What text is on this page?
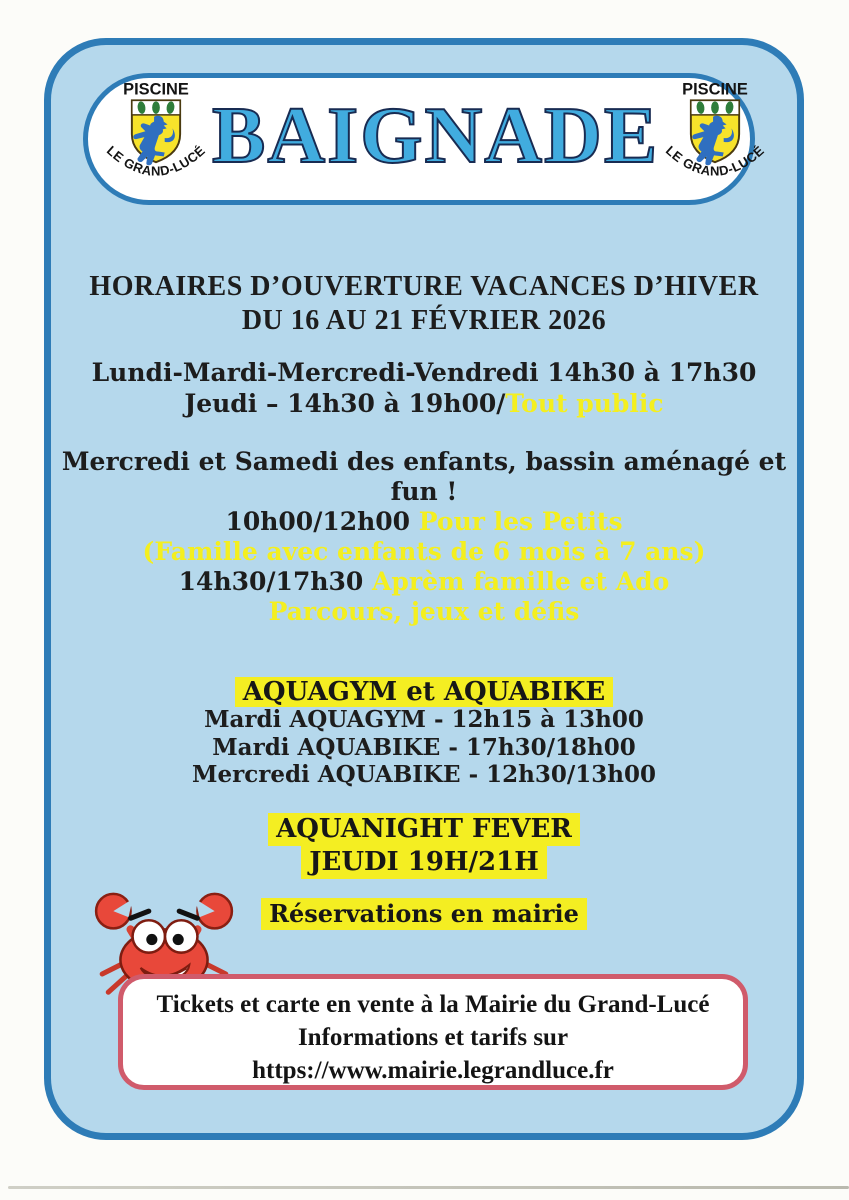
PISCINE
LE GRAND-LUCÉ BAIGNADE
PISCINE
LE GRAND-LUCÉ
HORAIRES D’OUVERTURE VACANCES D’HIVER
DU 16 AU 21 FÉVRIER 2026
Lundi-Mardi-Mercredi-Vendredi 14h30 à 17h30
Jeudi – 14h30 à 19h00/Tout public
Mercredi et Samedi des enfants, bassin aménagé et
fun !
10h00/12h00 Pour les Petits
(Famille avec enfants de 6 mois à 7 ans)
14h30/17h30 Aprèm famille et Ado
Parcours, jeux et défis
AQUAGYM et AQUABIKE
Mardi AQUAGYM - 12h15 à 13h00
Mardi AQUABIKE - 17h30/18h00
Mercredi AQUABIKE - 12h30/13h00
AQUANIGHT FEVER
JEUDI 19H/21H
Réservations en mairie
Tickets et carte en vente à la Mairie du Grand-Lucé
Informations et tarifs sur
https://www.mairie.legrandluce.fr
